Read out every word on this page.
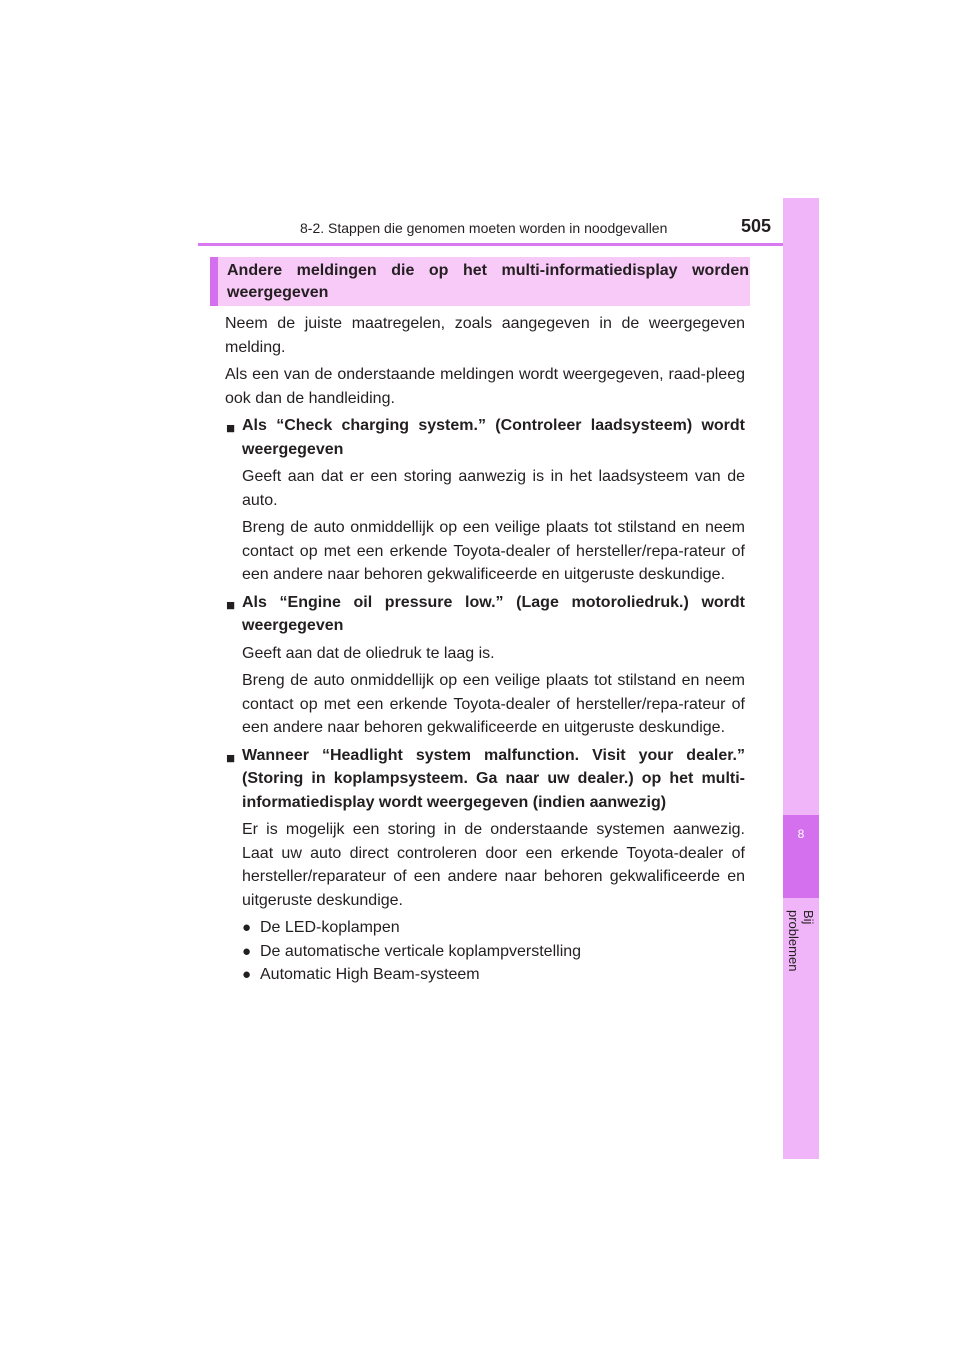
8-2. Stappen die genomen moeten worden in noodgevallen	505
8
Bij problemen
Andere meldingen die op het multi-informatiedisplay worden weergegeven

Neem de juiste maatregelen, zoals aangegeven in de weergegeven melding.

Als een van de onderstaande meldingen wordt weergegeven, raad-pleeg ook dan de handleiding.

■ Als “Check charging system.” (Controleer laadsysteem) wordt weergegeven

Geeft aan dat er een storing aanwezig is in het laadsysteem van de auto.

Breng de auto onmiddellijk op een veilige plaats tot stilstand en neem contact op met een erkende Toyota-dealer of hersteller/repa-rateur of een andere naar behoren gekwalificeerde en uitgeruste deskundige.

■ Als “Engine oil pressure low.” (Lage motoroliedruk.) wordt weergegeven

Geeft aan dat de oliedruk te laag is.

Breng de auto onmiddellijk op een veilige plaats tot stilstand en neem contact op met een erkende Toyota-dealer of hersteller/repa-rateur of een andere naar behoren gekwalificeerde en uitgeruste deskundige.

■ Wanneer “Headlight system malfunction. Visit your dealer.” (Storing in koplampsysteem. Ga naar uw dealer.) op het multi-informatiedisplay wordt weergegeven (indien aanwezig)

Er is mogelijk een storing in de onderstaande systemen aanwezig. Laat uw auto direct controleren door een erkende Toyota-dealer of hersteller/reparateur of een andere naar behoren gekwalificeerde en uitgeruste deskundige.

● De LED-koplampen

● De automatische verticale koplampverstelling

● Automatic High Beam-systeem
